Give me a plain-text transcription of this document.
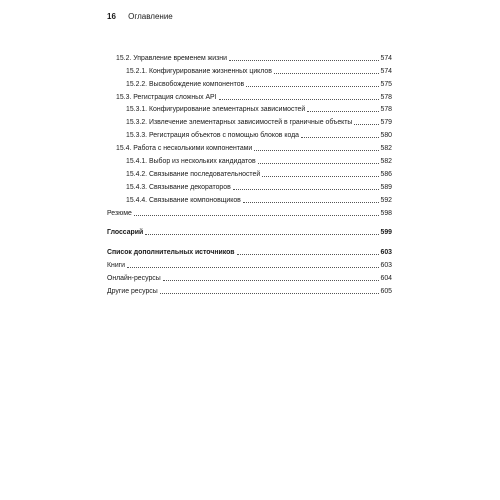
16 Оглавление
15.2. Управление временем жизни	574
15.2.1. Конфигурирование жизненных циклов	574
15.2.2. Высвобождение компонентов	575
15.3. Регистрация сложных API	578
15.3.1. Конфигурирование элементарных зависимостей	578
15.3.2. Извлечение элементарных зависимостей в граничные объекты	579
15.3.3. Регистрация объектов с помощью блоков кода	580
15.4. Работа с несколькими компонентами	582
15.4.1. Выбор из нескольких кандидатов	582
15.4.2. Связывание последовательностей	586
15.4.3. Связывание декораторов	589
15.4.4. Связывание компоновщиков	592
Резюме	598
Глоссарий	599
Список дополнительных источников	603
Книги	603
Онлайн-ресурсы	604
Другие ресурсы	605
